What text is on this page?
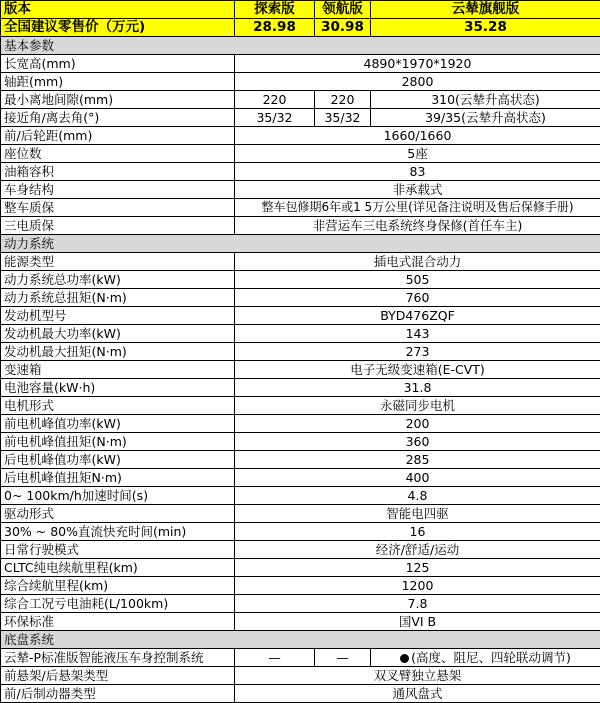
版本	探索版	领航版	云辇旗舰版
全国建议零售价（万元)	28.98	30.98	35.28
基本参数			
长宽高(mm)	4890*1970*1920		
轴距(mm)	2800		
最小离地间隙(mm)	220	220	310(云辇升高状态)
接近角/离去角(°)	35/32	35/32	39/35(云辇升高状态)
前/后轮距(mm)	1660/1660		
座位数	5座		
油箱容积	83		
车身结构	非承载式		
整车质保	整车包修期6年或1 5万公里(详见备注说明及售后保修手册)		
三电质保	非营运车三电系统终身保修(首任车主)		
动力系统			
能源类型	插电式混合动力		
动力系统总功率(kW)	505		
动力系统总扭矩(N·m)	760		
发动机型号	BYD476ZQF		
发动机最大功率(kW)	143		
发动机最大扭矩(N·m)	273		
变速箱	电子无级变速箱(E-CVT)		
电池容量(kW·h)	31.8		
电机形式	永磁同步电机		
前电机峰值功率(kW)	200		
前电机峰值扭矩(N·m)	360		
后电机峰值功率(kW)	285		
后电机峰值扭矩N·m)	400		
0~ 100km/h加速时间(s)	4.8		
驱动形式	智能电四驱		
30% ~ 80%直流快充时间(min)	16		
日常行驶模式	经济/舒适/运动		
CLTC纯电续航里程(km)	125		
综合续航里程(km)	1200		
综合工况亏电油耗(L/100km)	7.8		
环保标准	国VI B		
底盘系统			
云辇-P标准版智能液压车身控制系统	—	—	(高度、阻尼、四轮联动调节)
前悬架/后悬架类型	双叉臂独立悬架		
前/后制动器类型	通风盘式		
